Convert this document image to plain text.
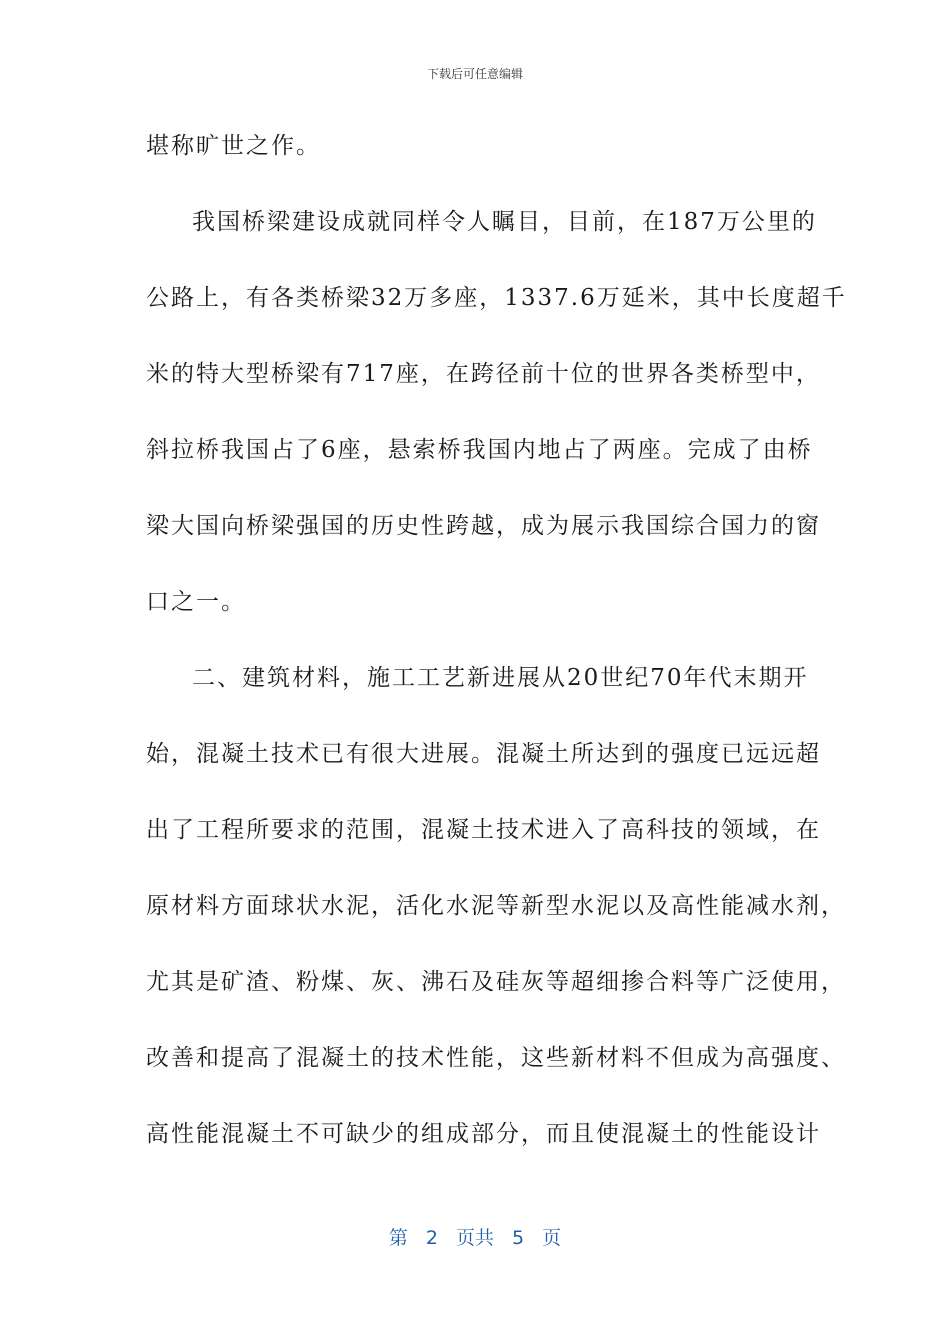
下载后可任意编辑
堪称旷世之作。
我国桥梁建设成就同样令人瞩目，目前，在187万公里的
公路上，有各类桥梁32万多座，1337.6万延米，其中长度超千
米的特大型桥梁有717座，在跨径前十位的世界各类桥型中，
斜拉桥我国占了6座，悬索桥我国内地占了两座。完成了由桥
梁大国向桥梁强国的历史性跨越，成为展示我国综合国力的窗
口之一。
二、建筑材料，施工工艺新进展从20世纪70年代末期开
始，混凝土技术已有很大进展。混凝土所达到的强度已远远超
出了工程所要求的范围，混凝土技术进入了高科技的领域，在
原材料方面球状水泥，活化水泥等新型水泥以及高性能减水剂，
尤其是矿渣、粉煤、灰、沸石及硅灰等超细掺合料等广泛使用，
改善和提高了混凝土的技术性能，这些新材料不但成为高强度、
高性能混凝土不可缺少的组成部分，而且使混凝土的性能设计
第 2 页共 5 页
